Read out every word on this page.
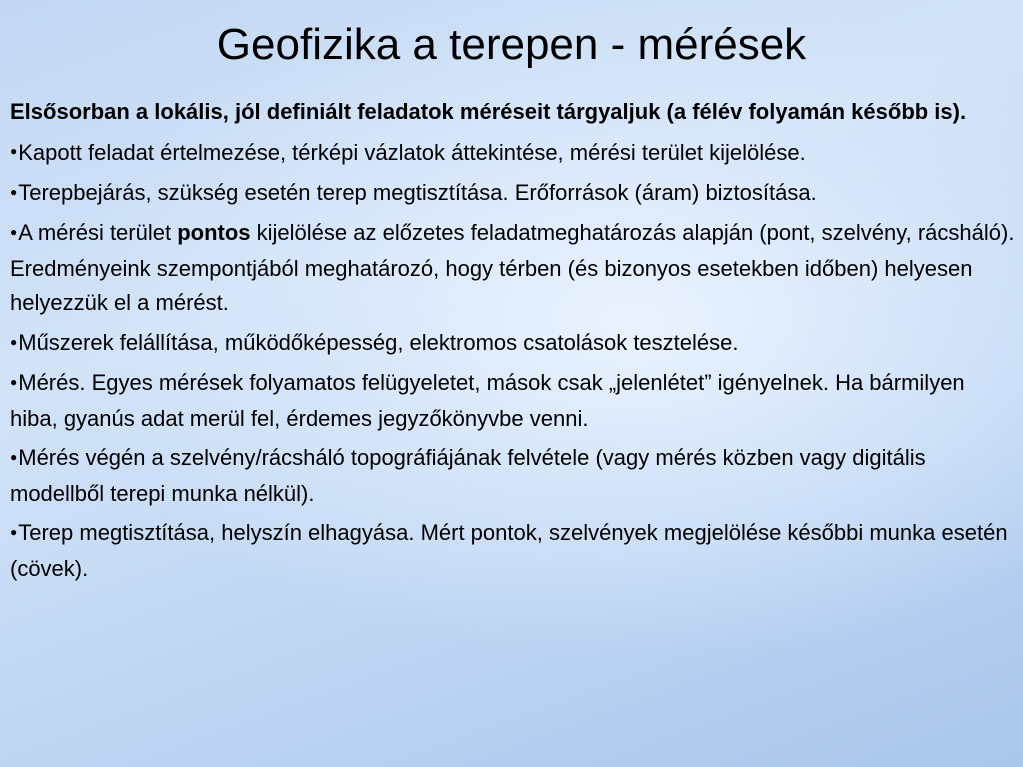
Geofizika a terepen - mérések

Elsősorban a lokális, jól definiált feladatok méréseit tárgyaljuk (a félév folyamán később is).

●Kapott feladat értelmezése, térképi vázlatok áttekintése, mérési terület kijelölése.
●Terepbejárás, szükség esetén terep megtisztítása. Erőforrások (áram) biztosítása.
●A mérési terület pontos kijelölése az előzetes feladatmeghatározás alapján (pont, szelvény, rácsháló). Eredményeink szempontjából meghatározó, hogy térben (és bizonyos esetekben időben) helyesen helyezzük el a mérést.
●Műszerek felállítása, működőképesség, elektromos csatolások tesztelése.
●Mérés. Egyes mérések folyamatos felügyeletet, mások csak „jelenlétet” igényelnek. Ha bármilyen hiba, gyanús adat merül fel, érdemes jegyzőkönyvbe venni.
●Mérés végén a szelvény/rácsháló topográfiájának felvétele (vagy mérés közben vagy digitális modellből terepi munka nélkül).
●Terep megtisztítása, helyszín elhagyása. Mért pontok, szelvények megjelölése későbbi munka esetén (cövek).
